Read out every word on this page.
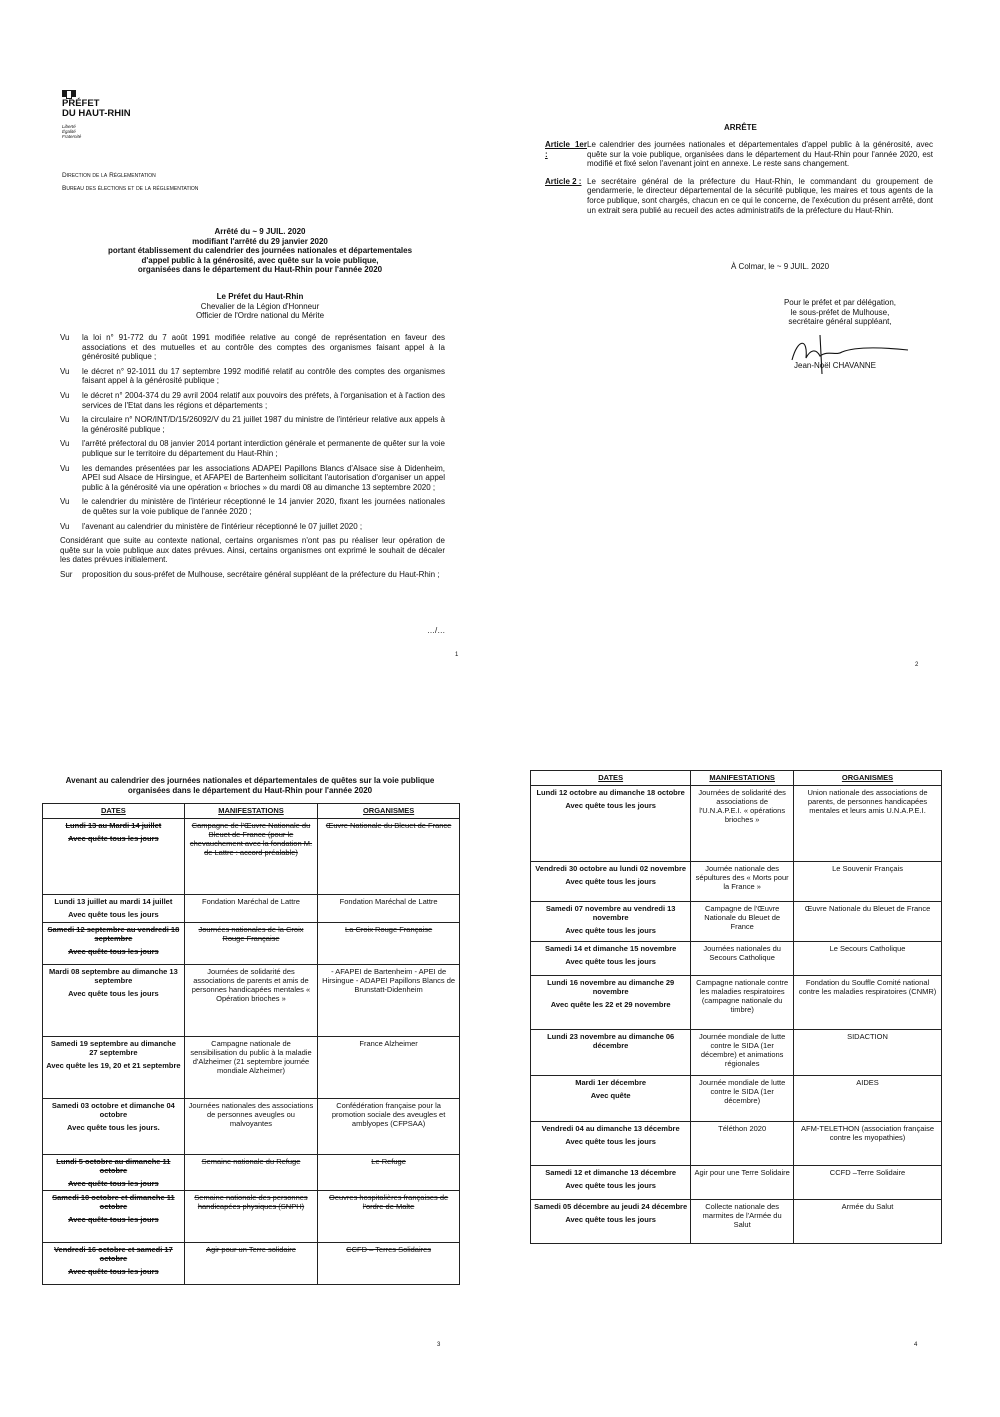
PRÉFET
DU HAUT-RHIN
Liberté
Égalité
Fraternité
Direction de la Réglementation
Bureau des élections et de la réglementation
Arrêté du ~ 9 JUIL. 2020
modifiant l'arrêté du 29 janvier 2020
portant établissement du calendrier des journées nationales et départementales
d'appel public à la générosité, avec quête sur la voie publique,
organisées dans le département du Haut-Rhin pour l'année 2020
Le Préfet du Haut-Rhin
Chevalier de la Légion d'Honneur
Officier de l'Ordre national du Mérite
Vu	la loi n° 91-772 du 7 août 1991 modifiée relative au congé de représentation en faveur des associations et des mutuelles et au contrôle des comptes des organismes faisant appel à la générosité publique ;
Vu	le décret n° 92-1011 du 17 septembre 1992 modifié relatif au contrôle des comptes des organismes faisant appel à la générosité publique ;
Vu	le décret n° 2004-374 du 29 avril 2004 relatif aux pouvoirs des préfets, à l'organisation et à l'action des services de l'Etat dans les régions et départements ;
Vu	la circulaire n° NOR/INT/D/15/26092/V du 21 juillet 1987 du ministre de l'intérieur relative aux appels à la générosité publique ;
Vu	l'arrêté préfectoral du 08 janvier 2014 portant interdiction générale et permanente de quêter sur la voie publique sur le territoire du département du Haut-Rhin ;
Vu	les demandes présentées par les associations ADAPEI Papillons Blancs d'Alsace sise à Didenheim, APEI sud Alsace de Hirsingue, et AFAPEI de Bartenheim sollicitant l'autorisation d'organiser un appel public à la générosité via une opération « brioches » du mardi 08 au dimanche 13 septembre 2020 ;
Vu	le calendrier du ministère de l'intérieur réceptionné le 14 janvier 2020, fixant les journées nationales de quêtes sur la voie publique de l'année 2020 ;
Vu	l'avenant au calendrier du ministère de l'intérieur réceptionné le 07 juillet 2020 ;
Considérant que suite au contexte national, certains organismes n'ont pas pu réaliser leur opération de quête sur la voie publique aux dates prévues. Ainsi, certains organismes ont exprimé le souhait de décaler les dates prévues initialement.
Sur	proposition du sous-préfet de Mulhouse, secrétaire général suppléant de la préfecture du Haut-Rhin ;
…/…
1
ARRÊTE
Article 1er :
Le calendrier des journées nationales et départementales d'appel public à la générosité, avec quête sur la voie publique, organisées dans le département du Haut-Rhin pour l'année 2020, est modifié et fixé selon l'avenant joint en annexe. Le reste sans changement.
Article 2 : Le secrétaire général de la préfecture du Haut-Rhin, le commandant du groupement de gendarmerie, le directeur départemental de la sécurité publique, les maires et tous agents de la force publique, sont chargés, chacun en ce qui le concerne, de l'exécution du présent arrêté, dont un extrait sera publié au recueil des actes administratifs de la préfecture du Haut-Rhin.
À Colmar, le ~ 9 JUIL. 2020
Pour le préfet et par délégation,
le sous-préfet de Mulhouse,
secrétaire général suppléant,
Jean-Noël CHAVANNE
2
Avenant au calendrier des journées nationales et départementales de quêtes sur la voie publique
organisées dans le département du Haut-Rhin pour l'année 2020
DATES	MANIFESTATIONS	ORGANISMES

Lundi 13 au Mardi 14 juillet
Avec quête tous les jours	Campagne de l'Œuvre Nationale du Bleuet de France (pour le chevauchement avec la fondation M. de Lattre : accord préalable)	Œuvre Nationale du Bleuet de France

Lundi 13 juillet au mardi 14 juillet
Avec quête tous les jours	Fondation Maréchal de Lattre	Fondation Maréchal de Lattre

Samedi 12 septembre au vendredi 18 septembre
Avec quête tous les jours	Journées nationales de la Croix Rouge Française	La Croix Rouge Française

Mardi 08 septembre au dimanche 13 septembre
Avec quête tous les jours	Journées de solidarité des associations de parents et amis de personnes handicapées mentales « Opération brioches »	- AFAPEI de Bartenheim - APEI de Hirsingue - ADAPEI Papillons Blancs de Brunstatt-Didenheim

Samedi 19 septembre au dimanche 27 septembre
Avec quête les 19, 20 et 21 septembre	Campagne nationale de sensibilisation du public à la maladie d'Alzheimer (21 septembre journée mondiale Alzheimer)	France Alzheimer

Samedi 03 octobre et dimanche 04 octobre
Avec quête tous les jours.	Journées nationales des associations de personnes aveugles ou malvoyantes	Confédération française pour la promotion sociale des aveugles et amblyopes (CFPSAA)

Lundi 5 octobre au dimanche 11 octobre
Avec quête tous les jours	Semaine nationale du Refuge	Le Refuge

Samedi 10 octobre et dimanche 11 octobre
Avec quête tous les jours	Semaine nationale des personnes handicapées physiques (SNPH)	Oeuvres hospitalières françaises de l'ordre de Malte

Vendredi 16 octobre et samedi 17 octobre
Avec quête tous les jours	Agir pour un Terre solidaire	CCFD – Terres Solidaires
3
DATES	MANIFESTATIONS	ORGANISMES

Lundi 12 octobre au dimanche 18 octobre
Avec quête tous les jours	Journées de solidarité des associations de l'U.N.A.P.E.I. « opérations brioches »	Union nationale des associations de parents, de personnes handicapées mentales et leurs amis U.N.A.P.E.I.

Vendredi 30 octobre au lundi 02 novembre
Avec quête tous les jours	Journée nationale des sépultures des « Morts pour la France »	Le Souvenir Français

Samedi 07 novembre au vendredi 13 novembre
Avec quête tous les jours	Campagne de l'Œuvre Nationale du Bleuet de France	Œuvre Nationale du Bleuet de France

Samedi 14 et dimanche 15 novembre
Avec quête tous les jours	Journées nationales du Secours Catholique	Le Secours Catholique

Lundi 16 novembre au dimanche 29 novembre
Avec quête les 22 et 29 novembre	Campagne nationale contre les maladies respiratoires (campagne nationale du timbre)	Fondation du Souffle Comité national contre les maladies respiratoires (CNMR)

Lundi 23 novembre au dimanche 06 décembre	Journée mondiale de lutte contre le SIDA (1er décembre) et animations régionales	SIDACTION

Mardi 1er décembre
Avec quête	Journée mondiale de lutte contre le SIDA (1er décembre)	AIDES

Vendredi 04 au dimanche 13 décembre
Avec quête tous les jours	Téléthon 2020	AFM-TELETHON (association française contre les myopathies)

Samedi 12 et dimanche 13 décembre
Avec quête tous les jours	Agir pour une Terre Solidaire	CCFD –Terre Solidaire

Samedi 05 décembre au jeudi 24 décembre
Avec quête tous les jours	Collecte nationale des marmites de l'Armée du Salut	Armée du Salut
4
